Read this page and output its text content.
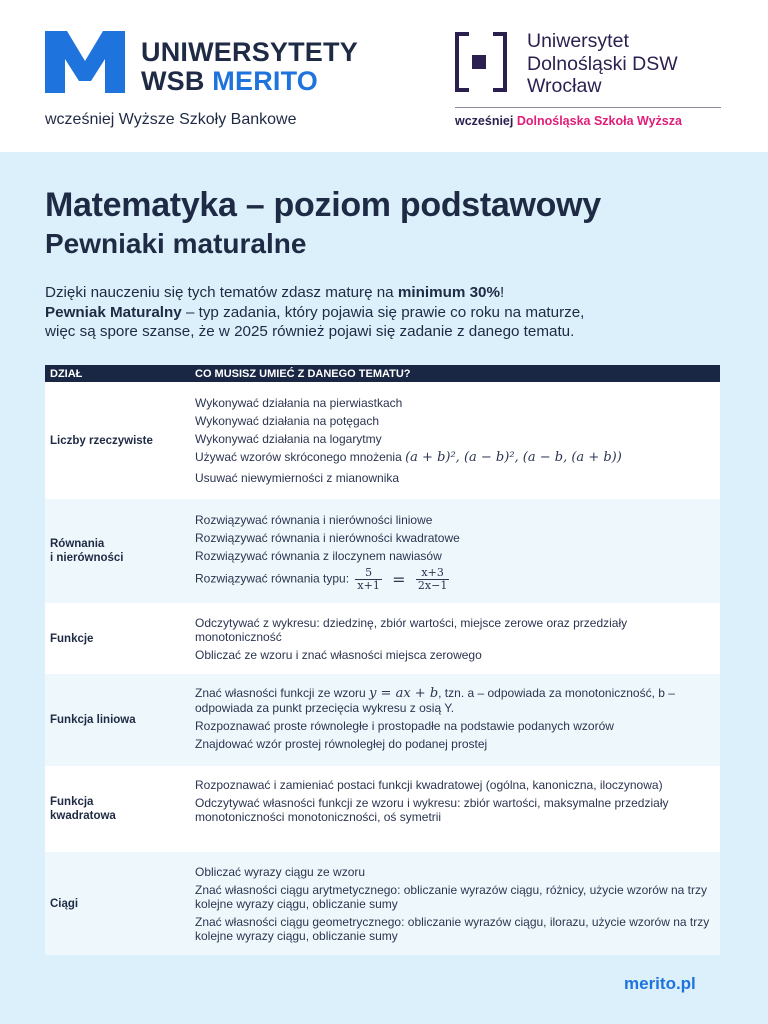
UNIWERSYTETY
WSB MERITO
wcześniej Wyższe Szkoły Bankowe
Uniwersytet
Dolnośląski DSW
Wrocław
wcześniej Dolnośląska Szkoła Wyższa
Matematyka – poziom podstawowy
Pewniaki maturalne
Dzięki nauczeniu się tych tematów zdasz maturę na minimum 30%!
Pewniak Maturalny – typ zadania, który pojawia się prawie co roku na maturze,
więc są spore szanse, że w 2025 również pojawi się zadanie z danego tematu.
DZIAŁ	CO MUSISZ UMIEĆ Z DANEGO TEMATU?
Liczby rzeczywiste
Wykonywać działania na pierwiastkach
Wykonywać działania na potęgach
Wykonywać działania na logarytmy
Używać wzorów skróconego mnożenia (a + b)², (a − b)², (a − b, (a + b))
Usuwać niewymierności z mianownika
Równania
i nierówności
Rozwiązywać równania i nierówności liniowe
Rozwiązywać równania i nierówności kwadratowe
Rozwiązywać równania z iloczynem nawiasów
Rozwiązywać równania typu: $\frac{5}{x+1} = \frac{x+3}{2x-1}$
Funkcje
Odczytywać z wykresu: dziedzinę, zbiór wartości, miejsce zerowe oraz przedziały monotoniczność
Obliczać ze wzoru i znać własności miejsca zerowego
Funkcja liniowa
Znać własności funkcji ze wzoru y = ax + b, tzn. a – odpowiada za monotoniczność, b – odpowiada za punkt przecięcia wykresu z osią Y.
Rozpoznawać proste równoległe i prostopadłe na podstawie podanych wzorów
Znajdować wzór prostej równoległej do podanej prostej
Funkcja
kwadratowa
Rozpoznawać i zamieniać postaci funkcji kwadratowej (ogólna, kanoniczna, iloczynowa)
Odczytywać własności funkcji ze wzoru i wykresu: zbiór wartości, maksymalne przedziały monotoniczności monotoniczności, oś symetrii
Ciągi
Obliczać wyrazy ciągu ze wzoru
Znać własności ciągu arytmetycznego: obliczanie wyrazów ciągu, różnicy, użycie wzorów na trzy kolejne wyrazy ciągu, obliczanie sumy
Znać własności ciągu geometrycznego: obliczanie wyrazów ciągu, ilorazu, użycie wzorów na trzy kolejne wyrazy ciągu, obliczanie sumy
merito.pl
